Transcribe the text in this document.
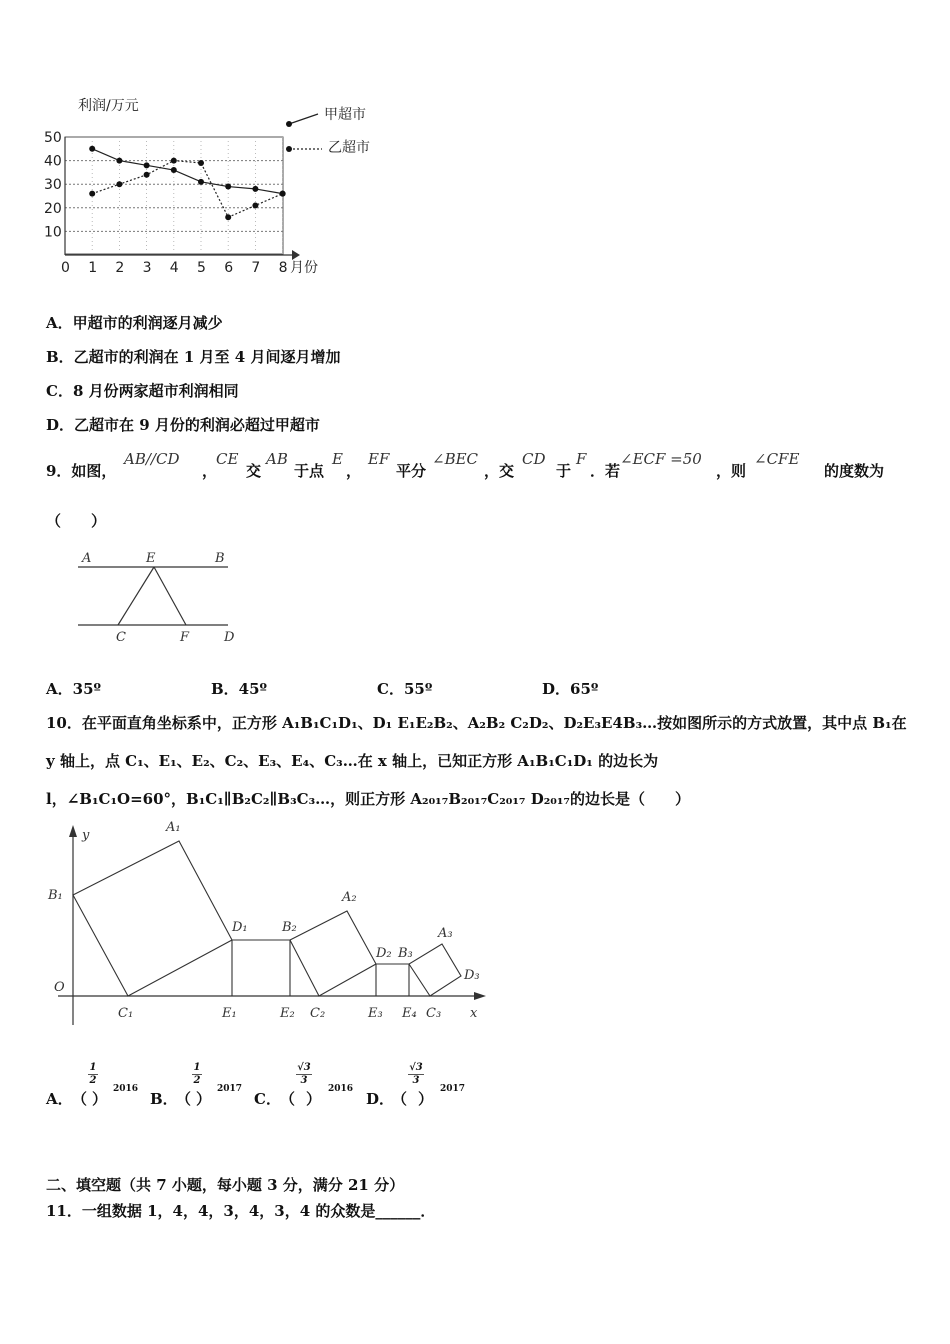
利润/万元
10
20
30
40
50
0 1 2 3 4 5 6 7 8 月份
甲超市
乙超市
A．甲超市的利润逐月减少
B．乙超市的利润在 1 月至 4 月间逐月增加
C．8 月份两家超市利润相同
D．乙超市在 9 月份的利润必超过甲超市
9．如图，
AB//CD
，
CE
交
AB
于点
E
，
EF
平分
∠BEC
，交
CD
于
F
．若
∠ECF =50
，则
∠CFE
的度数为
（　　）
A	E	B
C	F	D
A．35º	B．45º	C．55º	D．65º
10．在平面直角坐标系中，正方形 A₁B₁C₁D₁、D₁ E₁E₂B₂、A₂B₂ C₂D₂、D₂E₃E4B₃…按如图所示的方式放置，其中点 B₁在
y 轴上，点 C₁、E₁、E₂、C₂、E₃、E₄、C₃…在 x 轴上，已知正方形 A₁B₁C₁D₁ 的边长为
l，∠B₁C₁O=60°，B₁C₁∥B₂C₂∥B₃C₃…，则正方形 A₂₀₁₇B₂₀₁₇C₂₀₁₇ D₂₀₁₇的边长是（　　）
y
x
O
A₁
B₁
C₁
D₁
E₁	E₂
B₂
A₂
C₂
D₂ B₃
A₃
D₃
E₃ E₄ C₃
A． （
1
2
）
2016
B．
（
1
2
）
2017
C． （
√3
3
）
2016
D．
（
√3
3
）
2017
二、填空题（共 7 小题，每小题 3 分，满分 21 分）
11．一组数据 1，4，4，3，4，3，4 的众数是______．
